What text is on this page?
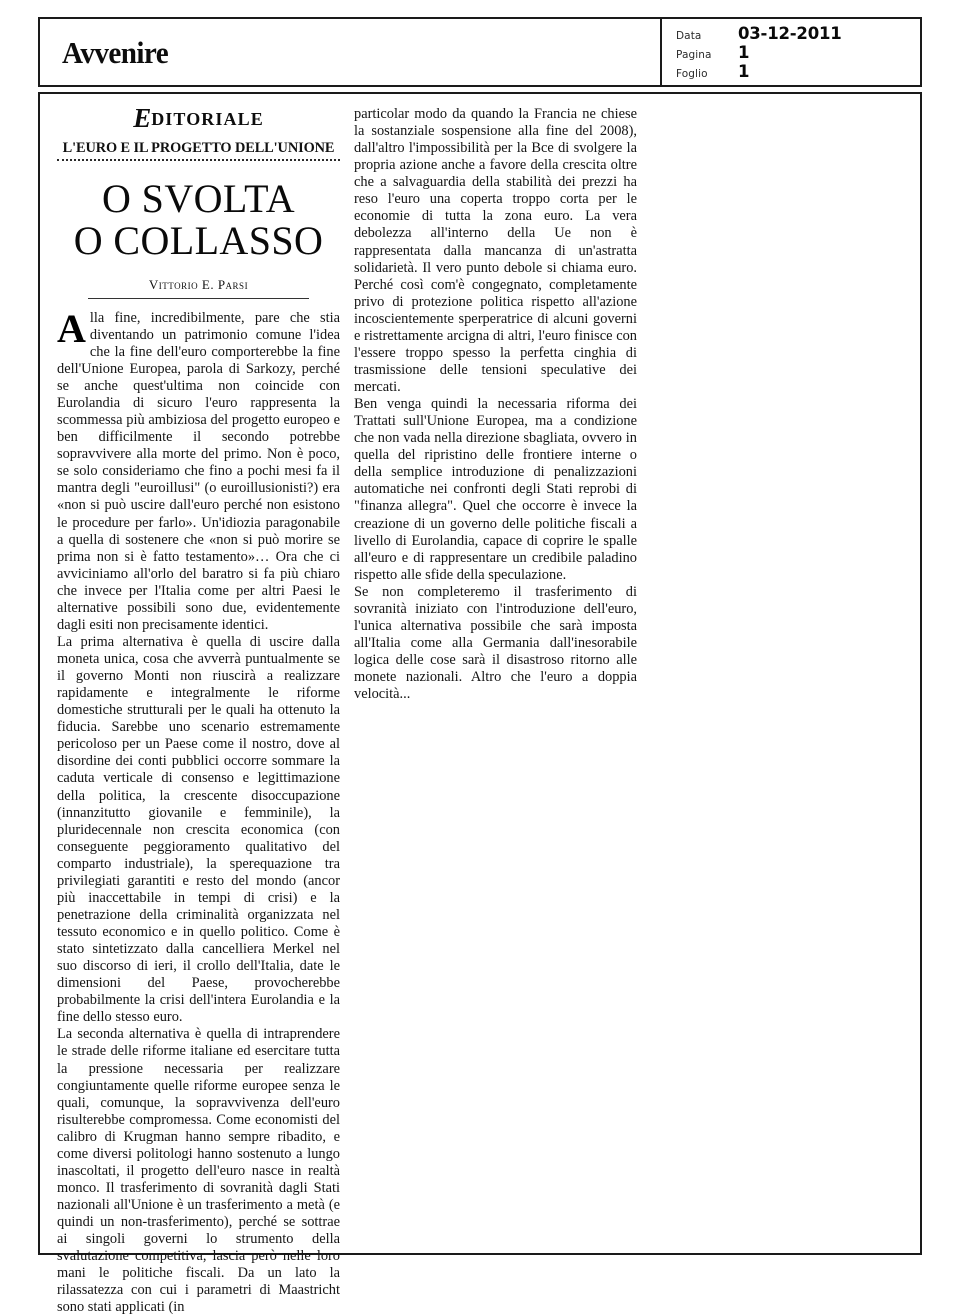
Avvenire	Data	03-12-2011
Pagina	1
Foglio	1
EDITORIALE
L'EURO E IL PROGETTO DELL'UNIONE
O SVOLTA
O COLLASSO
Vittorio E. Parsi

Alla fine, incredibilmente, pare che stia diventando un patrimonio comune l'idea che la fine dell'euro comporterebbe la fine dell'Unione Europea, parola di Sarkozy, perché se anche quest'ultima non coincide con Eurolandia di sicuro l'euro rappresenta la scommessa più ambiziosa del progetto europeo e ben difficilmente il secondo potrebbe sopravvivere alla morte del primo. Non è poco, se solo consideriamo che fino a pochi mesi fa il mantra degli "euroillusi" (o euroillusionisti?) era «non si può uscire dall'euro perché non esistono le procedure per farlo». Un'idiozia paragonabile a quella di sostenere che «non si può morire se prima non si è fatto testamento»… Ora che ci avviciniamo all'orlo del baratro si fa più chiaro che invece per l'Italia come per altri Paesi le alternative possibili sono due, evidentemente dagli esiti non precisamente identici.

La prima alternativa è quella di uscire dalla moneta unica, cosa che avverrà puntualmente se il governo Monti non riuscirà a realizzare rapidamente e integralmente le riforme domestiche strutturali per le quali ha ottenuto la fiducia. Sarebbe uno scenario estremamente pericoloso per un Paese come il nostro, dove al disordine dei conti pubblici occorre sommare la caduta verticale di consenso e legittimazione della politica, la crescente disoccupazione (innanzitutto giovanile e femminile), la pluridecennale non crescita economica (con conseguente peggioramento qualitativo del comparto industriale), la sperequazione tra privilegiati garantiti e resto del mondo (ancor più inaccettabile in tempi di crisi) e la penetrazione della criminalità organizzata nel tessuto economico e in quello politico. Come è stato sintetizzato dalla cancelliera Merkel nel suo discorso di ieri, il crollo dell'Italia, date le dimensioni del Paese, provocherebbe probabilmente la crisi dell'intera Eurolandia e la fine dello stesso euro.

La seconda alternativa è quella di intraprendere le strade delle riforme italiane ed esercitare tutta la pressione necessaria per realizzare congiuntamente quelle riforme europee senza le quali, comunque, la sopravvivenza dell'euro risulterebbe compromessa. Come economisti del calibro di Krugman hanno sempre ribadito, e come diversi politologi hanno sostenuto a lungo inascoltati, il progetto dell'euro nasce in realtà monco. Il trasferimento di sovranità dagli Stati nazionali all'Unione è un trasferimento a metà (e quindi un non-trasferimento), perché se sottrae ai singoli governi lo strumento della svalutazione competitiva, lascia però nelle loro mani le politiche fiscali. Da un lato la rilassatezza con cui i parametri di Maastricht sono stati applicati (in

particolar modo da quando la Francia ne chiese la sostanziale sospensione alla fine del 2008), dall'altro l'impossibilità per la Bce di svolgere la propria azione anche a favore della crescita oltre che a salvaguardia della stabilità dei prezzi ha reso l'euro una coperta troppo corta per le economie di tutta la zona euro. La vera debolezza all'interno della Ue non è rappresentata dalla mancanza di un'astratta solidarietà. Il vero punto debole si chiama euro. Perché così com'è congegnato, completamente privo di protezione politica rispetto all'azione incoscientemente sperperatrice di alcuni governi e ristrettamente arcigna di altri, l'euro finisce con l'essere troppo spesso la perfetta cinghia di trasmissione delle tensioni speculative dei mercati.

Ben venga quindi la necessaria riforma dei Trattati sull'Unione Europea, ma a condizione che non vada nella direzione sbagliata, ovvero in quella del ripristino delle frontiere interne o della semplice introduzione di penalizzazioni automatiche nei confronti degli Stati reprobi di "finanza allegra". Quel che occorre è invece la creazione di un governo delle politiche fiscali a livello di Eurolandia, capace di coprire le spalle all'euro e di rappresentare un credibile paladino rispetto alle sfide della speculazione.

Se non completeremo il trasferimento di sovranità iniziato con l'introduzione dell'euro, l'unica alternativa possibile che sarà imposta all'Italia come alla Germania dall'inesorabile logica delle cose sarà il disastroso ritorno alle monete nazionali. Altro che l'euro a doppia velocità...
